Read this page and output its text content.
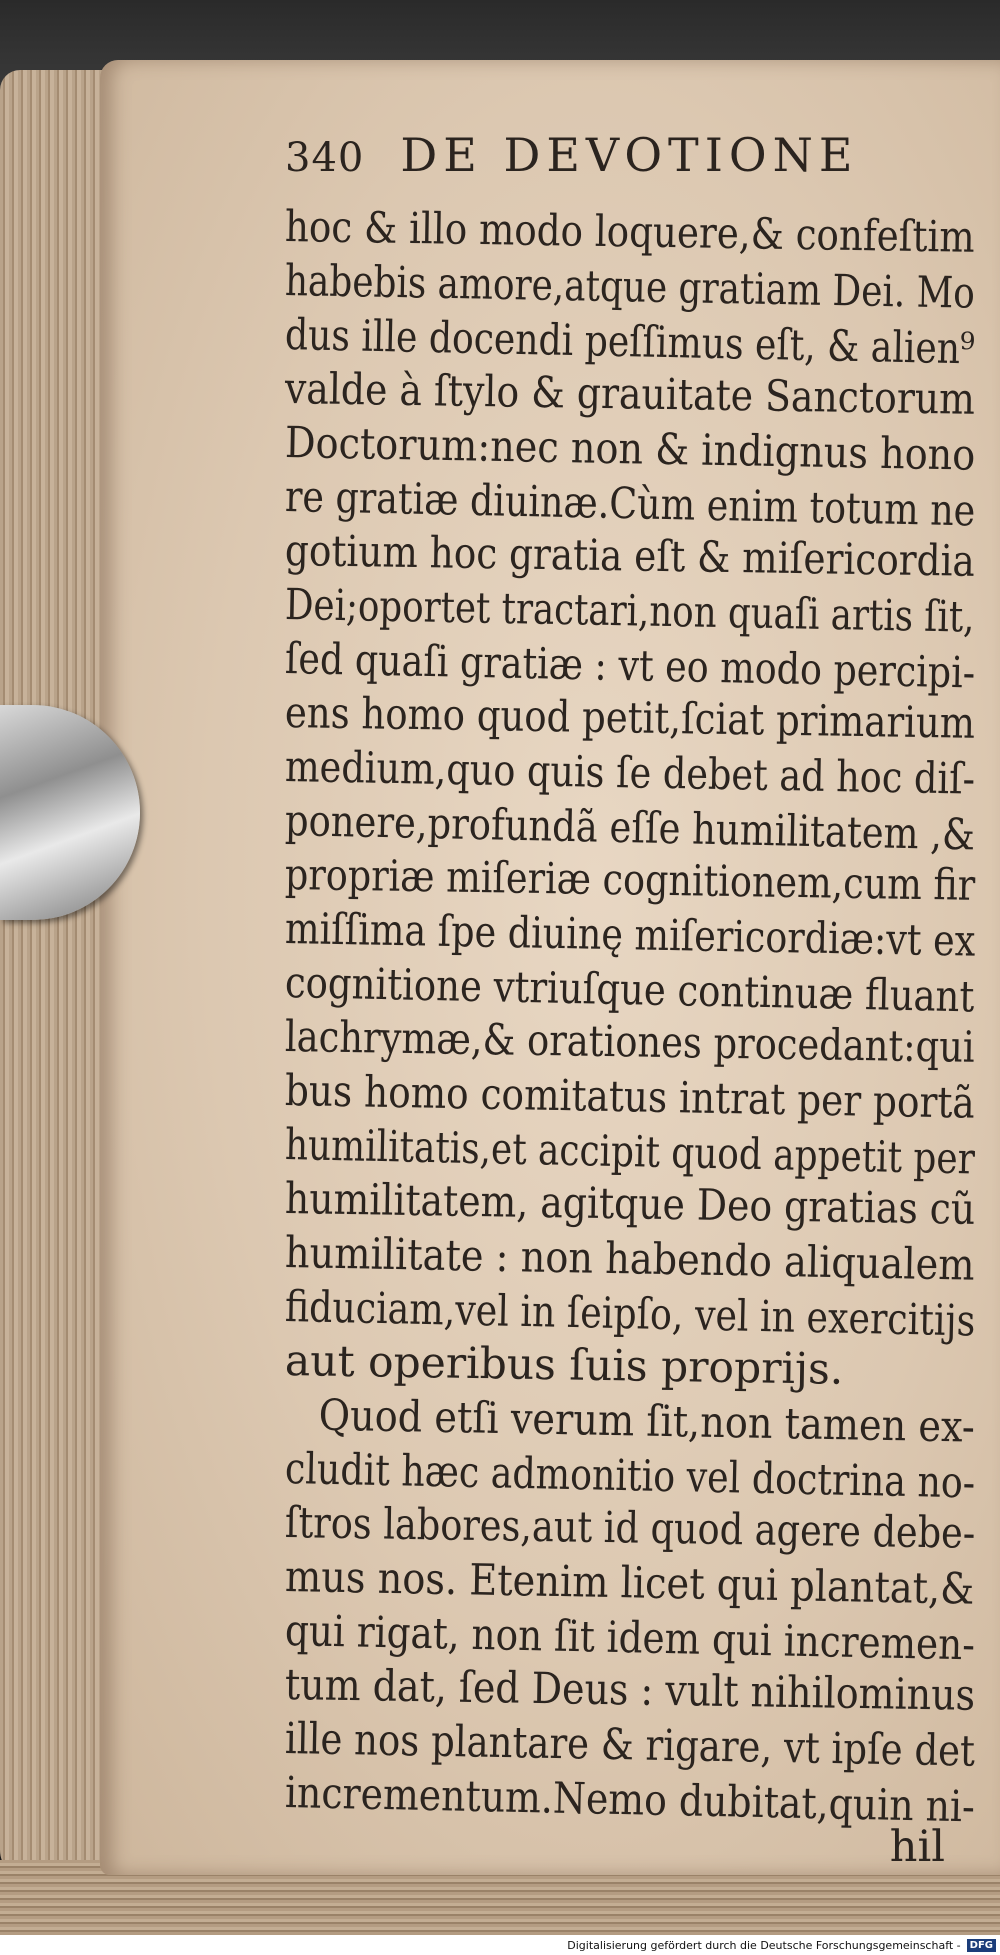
340 DE DEVOTIONE
hoc & illo modo loquere,& confeſtim
habebis amore,atque gratiam Dei. Mo
dus ille docendi peſſimus eſt, & alien⁹
valde à ſtylo & grauitate Sanctorum
Doctorum:nec non & indignus hono
re gratiæ diuinæ.Cùm enim totum ne
gotium hoc gratia eſt & miſericordia
Dei;oportet tractari,non quaſi artis ſit,
ſed quaſi gratiæ : vt eo modo percipi-
ens homo quod petit,ſciat primarium
medium,quo quis ſe debet ad hoc diſ-
ponere,profundã eſſe humilitatem ,&
propriæ miſeriæ cognitionem,cum fir
miſſima ſpe diuinę miſericordiæ:vt ex
cognitione vtriuſque continuæ fluant
lachrymæ,& orationes procedant:qui
bus homo comitatus intrat per portã
humilitatis,et accipit quod appetit per
humilitatem, agitque Deo gratias cũ
humilitate : non habendo aliqualem
fiduciam,vel in ſeipſo, vel in exercitijs
aut operibus ſuis proprijs.
Quod etſi verum ſit,non tamen ex-
cludit hæc admonitio vel doctrina no-
ſtros labores,aut id quod agere debe-
mus nos. Etenim licet qui plantat,&
qui rigat, non ſit idem qui incremen-
tum dat, ſed Deus : vult nihilominus
ille nos plantare & rigare, vt ipſe det
incrementum.Nemo dubitat,quin ni-
hil
Digitalisierung gefördert durch die Deutsche Forschungsgemeinschaft - DFG
